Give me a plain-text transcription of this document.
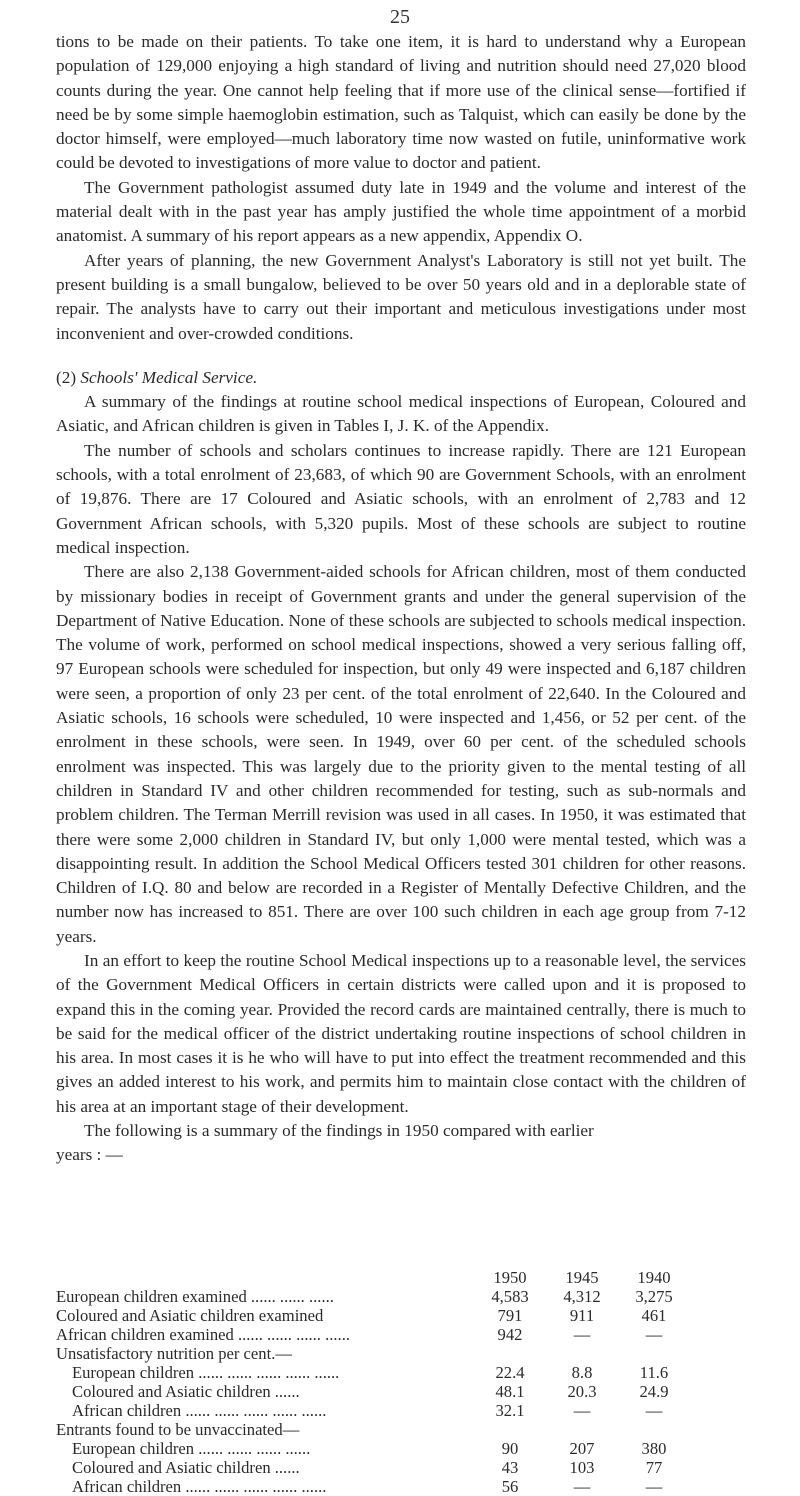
25

tions to be made on their patients. To take one item, it is hard to understand why a European population of 129,000 enjoying a high standard of living and nutrition should need 27,020 blood counts during the year. One cannot help feeling that if more use of the clinical sense—fortified if need be by some simple haemoglobin estimation, such as Talquist, which can easily be done by the doctor himself, were employed—much laboratory time now wasted on futile, uninformative work could be devoted to investigations of more value to doctor and patient.

The Government pathologist assumed duty late in 1949 and the volume and interest of the material dealt with in the past year has amply justified the whole time appointment of a morbid anatomist. A summary of his report appears as a new appendix, Appendix O.

After years of planning, the new Government Analyst's Laboratory is still not yet built. The present building is a small bungalow, believed to be over 50 years old and in a deplorable state of repair. The analysts have to carry out their important and meticulous investigations under most inconvenient and over-crowded conditions.

(2) Schools' Medical Service.

A summary of the findings at routine school medical inspections of European, Coloured and Asiatic, and African children is given in Tables I, J. K. of the Appendix.

The number of schools and scholars continues to increase rapidly. There are 121 European schools, with a total enrolment of 23,683, of which 90 are Government Schools, with an enrolment of 19,876. There are 17 Coloured and Asiatic schools, with an enrolment of 2,783 and 12 Government African schools, with 5,320 pupils. Most of these schools are subject to routine medical inspection.

There are also 2,138 Government-aided schools for African children, most of them conducted by missionary bodies in receipt of Government grants and under the general supervision of the Department of Native Education. None of these schools are subjected to schools medical inspection. The volume of work, performed on school medical inspections, showed a very serious falling off, 97 European schools were scheduled for inspection, but only 49 were inspected and 6,187 children were seen, a proportion of only 23 per cent. of the total enrolment of 22,640. In the Coloured and Asiatic schools, 16 schools were scheduled, 10 were inspected and 1,456, or 52 per cent. of the enrolment in these schools, were seen. In 1949, over 60 per cent. of the scheduled schools enrolment was inspected. This was largely due to the priority given to the mental testing of all children in Standard IV and other children recommended for testing, such as sub-normals and problem children. The Terman Merrill revision was used in all cases. In 1950, it was estimated that there were some 2,000 children in Standard IV, but only 1,000 were mental tested, which was a disappointing result. In addition the School Medical Officers tested 301 children for other reasons. Children of I.Q. 80 and below are recorded in a Register of Mentally Defective Children, and the number now has increased to 851. There are over 100 such children in each age group from 7-12 years.

In an effort to keep the routine School Medical inspections up to a reasonable level, the services of the Government Medical Officers in certain districts were called upon and it is proposed to expand this in the coming year. Provided the record cards are maintained centrally, there is much to be said for the medical officer of the district undertaking routine inspections of school children in his area. In most cases it is he who will have to put into effect the treatment recommended and this gives an added interest to his work, and permits him to maintain close contact with the children of his area at an important stage of their development.

The following is a summary of the findings in 1950 compared with earlier

years : —
	1950	1945	1940
European children examined ...... ...... ......	4,583	4,312	3,275
Coloured and Asiatic children examined	791	911	461
African children examined ...... ...... ...... ......	942	—	—
Unsatisfactory nutrition per cent.—			
European children ...... ...... ...... ...... ......	22.4	8.8	11.6
Coloured and Asiatic children ......	48.1	20.3	24.9
African children ...... ...... ...... ...... ......	32.1	—	—
Entrants found to be unvaccinated—			
European children ...... ...... ...... ......	90	207	380
Coloured and Asiatic children ......	43	103	77
African children ...... ...... ...... ...... ......	56	—	—
